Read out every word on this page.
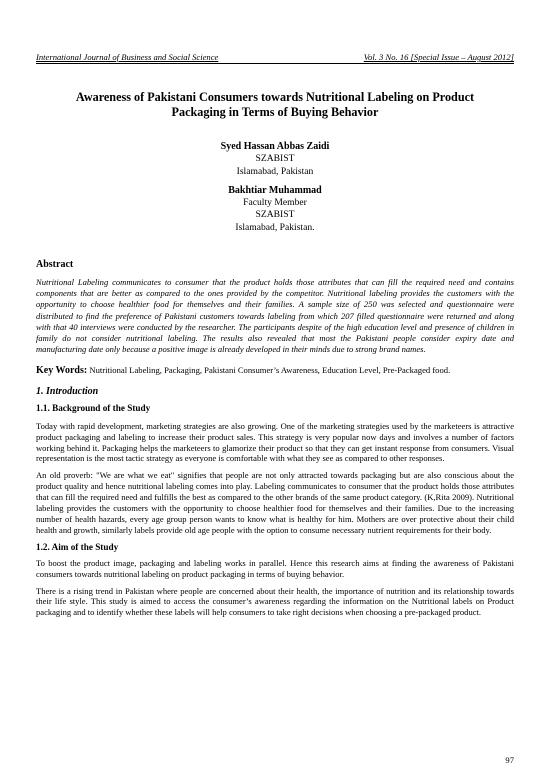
International Journal of Business and Social Science	Vol. 3 No. 16 [Special Issue – August 2012]
Awareness of Pakistani Consumers towards Nutritional Labeling on Product Packaging in Terms of Buying Behavior
Syed Hassan Abbas Zaidi
SZABIST
Islamabad, Pakistan
Bakhtiar Muhammad
Faculty Member
SZABIST
Islamabad, Pakistan.
Abstract
Nutritional Labeling communicates to consumer that the product holds those attributes that can fill the required need and contains components that are better as compared to the ones provided by the competitor. Nutritional labeling provides the customers with the opportunity to choose healthier food for themselves and their families. A sample size of 250 was selected and questionnaire were distributed to find the preference of Pakistani customers towards labeling from which 207 filled questionnaire were returned and along with that 40 interviews were conducted by the researcher. The participants despite of the high education level and presence of children in family do not consider nutritional labeling. The results also revealed that most the Pakistani people consider expiry date and manufacturing date only because a positive image is already developed in their minds due to strong brand names.
Key Words: Nutritional Labeling, Packaging, Pakistani Consumer’s Awareness, Education Level, Pre-Packaged food.
1. Introduction
1.1. Background of the Study
Today with rapid development, marketing strategies are also growing. One of the marketing strategies used by the marketeers is attractive product packaging and labeling to increase their product sales. This strategy is very popular now days and involves a number of factors working behind it. Packaging helps the marketeers to glamorize their product so that they can get instant response from consumers. Visual representation is the most tactic strategy as everyone is comfortable with what they see as compared to other responses.
An old proverb: "We are what we eat" signifies that people are not only attracted towards packaging but are also conscious about the product quality and hence nutritional labeling comes into play. Labeling communicates to consumer that the product holds those attributes that can fill the required need and fulfills the best as compared to the other brands of the same product category. (K,Rita 2009). Nutritional labeling provides the customers with the opportunity to choose healthier food for themselves and their families. Due to the increasing number of health hazards, every age group person wants to know what is healthy for him. Mothers are over protective about their child health and growth, similarly labels provide old age people with the option to consume necessary nutrient requirements for their body.
1.2. Aim of the Study
To boost the product image, packaging and labeling works in parallel. Hence this research aims at finding the awareness of Pakistani consumers towards nutritional labeling on product packaging in terms of buying behavior.
There is a rising trend in Pakistan where people are concerned about their health, the importance of nutrition and its relationship towards their life style. This study is aimed to access the consumer’s awareness regarding the information on the Nutritional labels on Product packaging and to identify whether these labels will help consumers to take right decisions when choosing a pre-packaged product.
97
